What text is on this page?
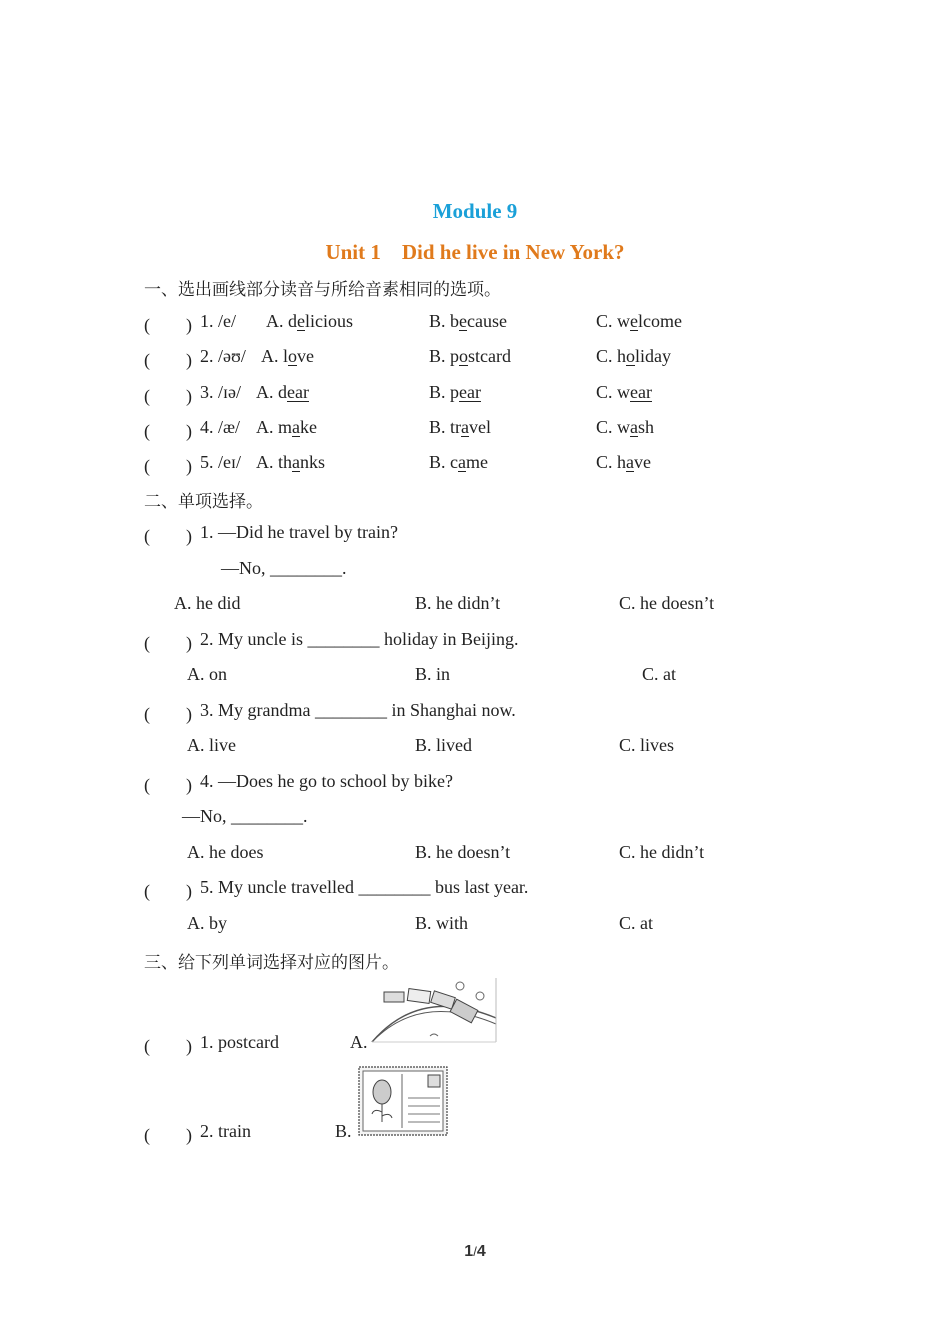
Module 9
Unit 1　Did he live in New York?
一、选出画线部分读音与所给音素相同的选项。
(　　) 1. /e/ A. delicious	B. because	C. welcome
(　　) 2. /əʊ/ A. love	B. postcard	C. holiday
(　　) 3. /ɪə/ A. dear	B. pear	C. wear
(　　) 4. /æ/ A. make	B. travel	C. wash
(　　) 5. /eɪ/ A. thanks	B. came	C. have
二、单项选择。
(　　) 1. —Did he travel by train?
—No, ________.
A. he did	B. he didn’t	C. he doesn’t
(　　) 2. My uncle is ________ holiday in Beijing.
A. on	B. in	C. at
(　　) 3. My grandma ________ in Shanghai now.
A. live	B. lived	C. lives
(　　) 4. —Does he go to school by bike?
—No, ________.
A. he does	B. he doesn’t	C. he didn’t
(　　) 5. My uncle travelled ________ bus last year.
A. by	B. with	C. at
三、给下列单词选择对应的图片。
(　　) 1. postcard	A.
(　　) 2. train	B.
1/4
